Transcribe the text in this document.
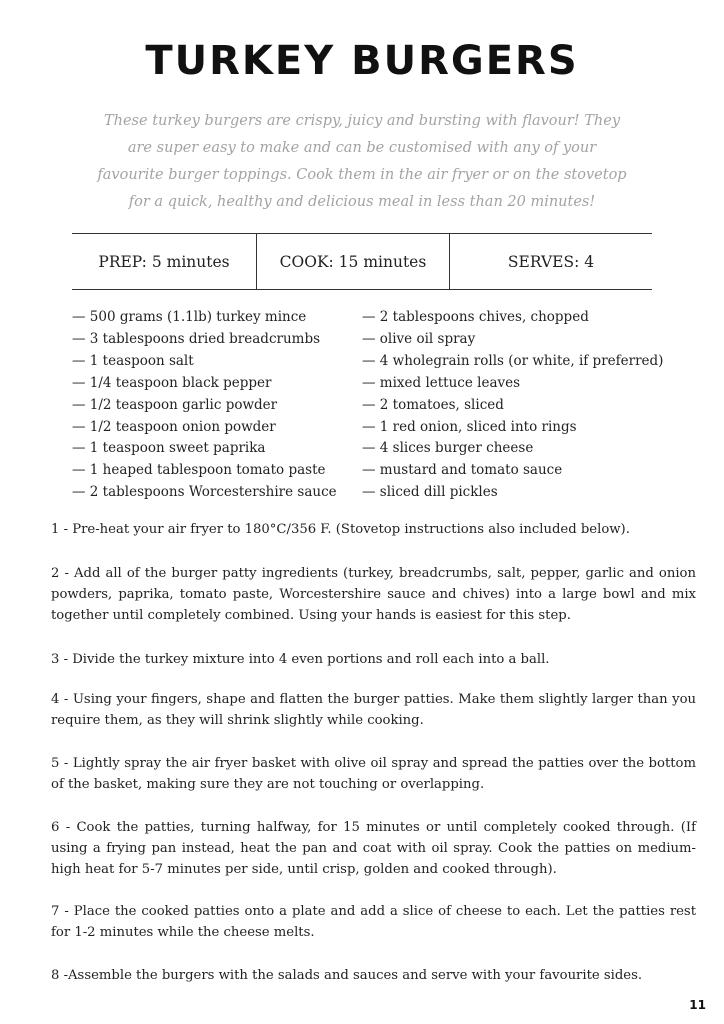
TURKEY BURGERS

These turkey burgers are crispy, juicy and bursting with flavour! They are super easy to make and can be customised with any of your favourite burger toppings. Cook them in the air fryer or on the stovetop for a quick, healthy and delicious meal in less than 20 minutes!

PREP: 5 minutes	COOK: 15 minutes	SERVES: 4
— 500 grams (1.1lb) turkey mince
— 3 tablespoons dried breadcrumbs
— 1 teaspoon salt
— 1/4 teaspoon black pepper
— 1/2 teaspoon garlic powder
— 1/2 teaspoon onion powder
— 1 teaspoon sweet paprika
— 1 heaped tablespoon tomato paste
— 2 tablespoons Worcestershire sauce
— 2 tablespoons chives, chopped
— olive oil spray
— 4 wholegrain rolls (or white, if preferred)
— mixed lettuce leaves
— 2 tomatoes, sliced
— 1 red onion, sliced into rings
— 4 slices burger cheese
— mustard and tomato sauce
— sliced dill pickles

1 - Pre-heat your air fryer to 180°C/356 F. (Stovetop instructions also included below).

2 - Add all of the burger patty ingredients (turkey, breadcrumbs, salt, pepper, garlic and onion powders, paprika, tomato paste, Worcestershire sauce and chives) into a large bowl and mix together until completely combined. Using your hands is easiest for this step.

3 - Divide the turkey mixture into 4 even portions and roll each into a ball.

4 - Using your fingers, shape and flatten the burger patties. Make them slightly larger than you require them, as they will shrink slightly while cooking.

5 - Lightly spray the air fryer basket with olive oil spray and spread the patties over the bottom of the basket, making sure they are not touching or overlapping.

6 - Cook the patties, turning halfway, for 15 minutes or until completely cooked through. (If using a frying pan instead, heat the pan and coat with oil spray. Cook the patties on medium-high heat for 5-7 minutes per side, until crisp, golden and cooked through).

7 - Place the cooked patties onto a plate and add a slice of cheese to each. Let the patties rest for 1-2 minutes while the cheese melts.

8 -Assemble the burgers with the salads and sauces and serve with your favourite sides.

11
